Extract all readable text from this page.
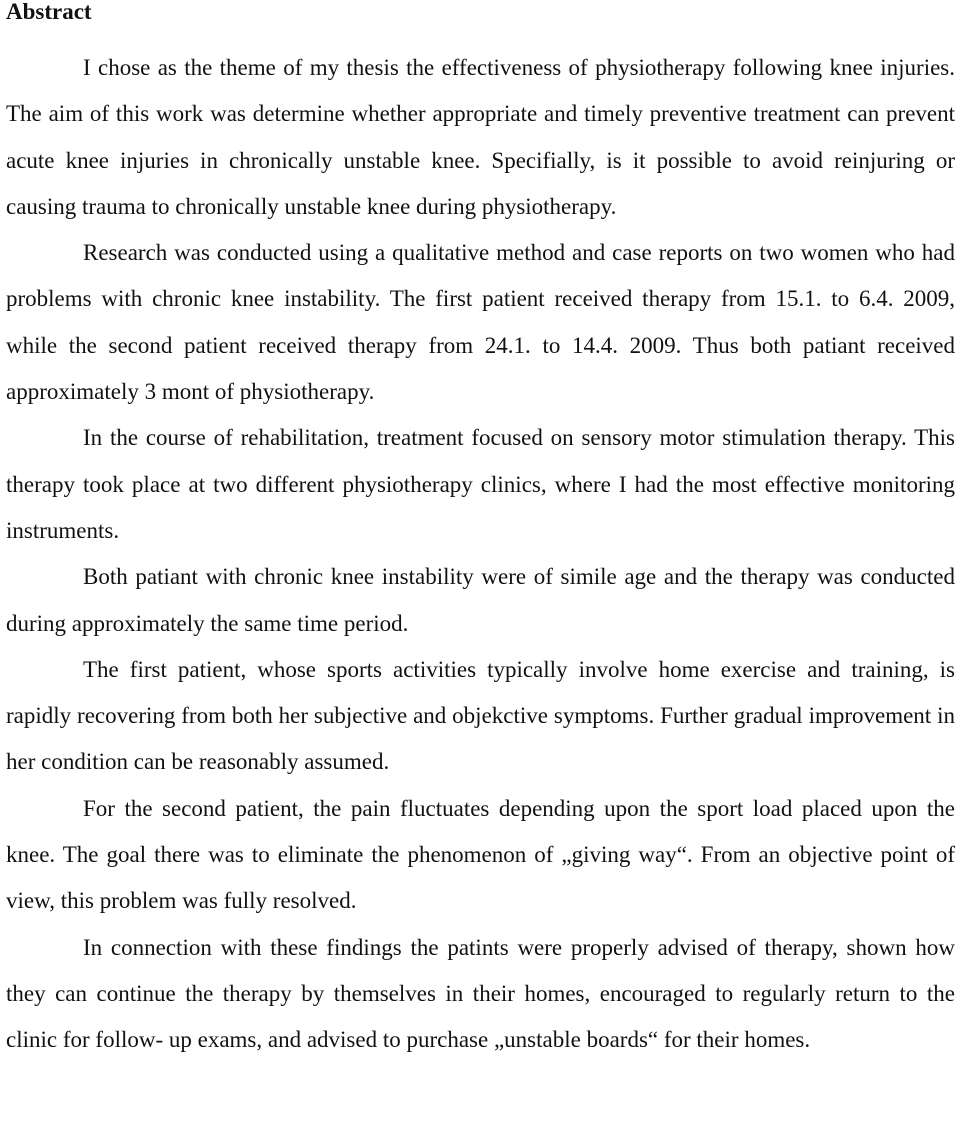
Abstract

I chose as the theme of my thesis the effectiveness of physiotherapy following knee injuries. The aim of this work was determine whether appropriate and timely preventive treatment can prevent acute knee injuries in chronically unstable knee. Specifially, is it possible to avoid reinjuring or causing trauma to chronically unstable knee during physiotherapy.

Research was conducted using a qualitative method and case reports on two women who had problems with chronic knee instability. The first patient received therapy from 15.1. to 6.4. 2009, while the second patient received therapy from 24.1. to 14.4. 2009. Thus both patiant received approximately 3 mont of physiotherapy.

In the course of rehabilitation, treatment focused on sensory motor stimulation therapy. This therapy took place at two different physiotherapy clinics, where I had the most effective monitoring instruments.

Both patiant with chronic knee instability were of simile age and the therapy was conducted during approximately the same time period.

The first patient, whose sports activities typically involve home exercise and training, is rapidly recovering from both her subjective and objekctive symptoms. Further gradual improvement in her condition can be reasonably assumed.

For the second patient, the pain fluctuates depending upon the sport load placed upon the knee. The goal there was to eliminate the phenomenon of „giving way“. From an objective point of view, this problem was fully resolved.

In connection with these findings the patints were properly advised of therapy, shown how they can continue the therapy by themselves in their homes, encouraged to regularly return to the clinic for follow- up exams, and advised to purchase „unstable boards“ for their homes.
